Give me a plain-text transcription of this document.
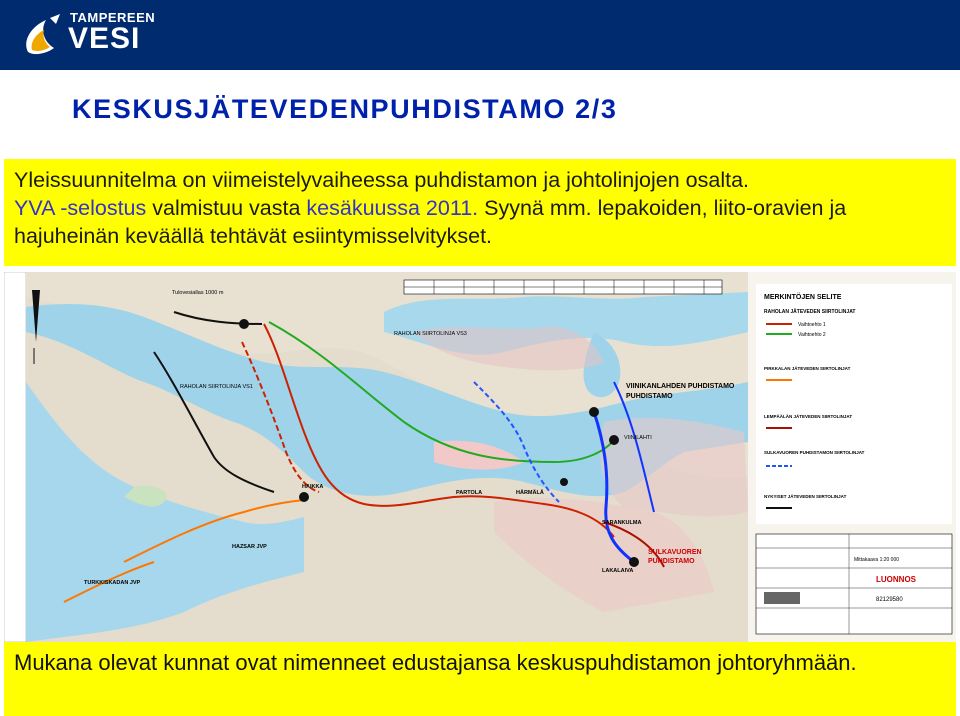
TAMPEREEN
VESI
KESKUSJÄTEVEDENPUHDISTAMO 2/3
Yleissuunnitelma on viimeistelyvaiheessa puhdistamon ja johtolinjojen osalta.
YVA -selostus valmistuu vasta kesäkuussa 2011. Syynä mm. lepakoiden, liito-oravien ja hajuheinän keväällä tehtävät esiintymisselvitykset.
Tulovesiallas 1000 m
RAHOLAN SIIRTOLINJA VS3
RAHOLAN SIIRTOLINJA VS1	VIINIKANLAHDEN PUHDISTAMO
PUHDISTAMO
VIINILAHTI
HAIKKA
PARTOLA	HÄRMÄLÄ
SARANKULMA
SULKAVUOREN
PUHDISTAMO
LAKALAIVA
HAZSAR JVP
TURKKISKADAN JVP
MERKINTÖJEN SELITE
RAHOLAN JÄTEVEDEN SIIRTOLINJAT
Vaihtoehto 1
Vaihtoehto 2
PIRKKALAN JÄTEVEDEN SIIRTOLINJAT
LEMPÄÄLÄN JÄTEVEDEN SIIRTOLINJAT
SULKAVUOREN PUHDISTAMON SIIRTOLINJAT
NYKYISET JÄTEVEDEN SIIRTOLINJAT
LUONNOS
82129580
Mittakaava 1:20 000
Mukana olevat kunnat ovat nimenneet edustajansa keskuspuhdistamon johtoryhmään.
